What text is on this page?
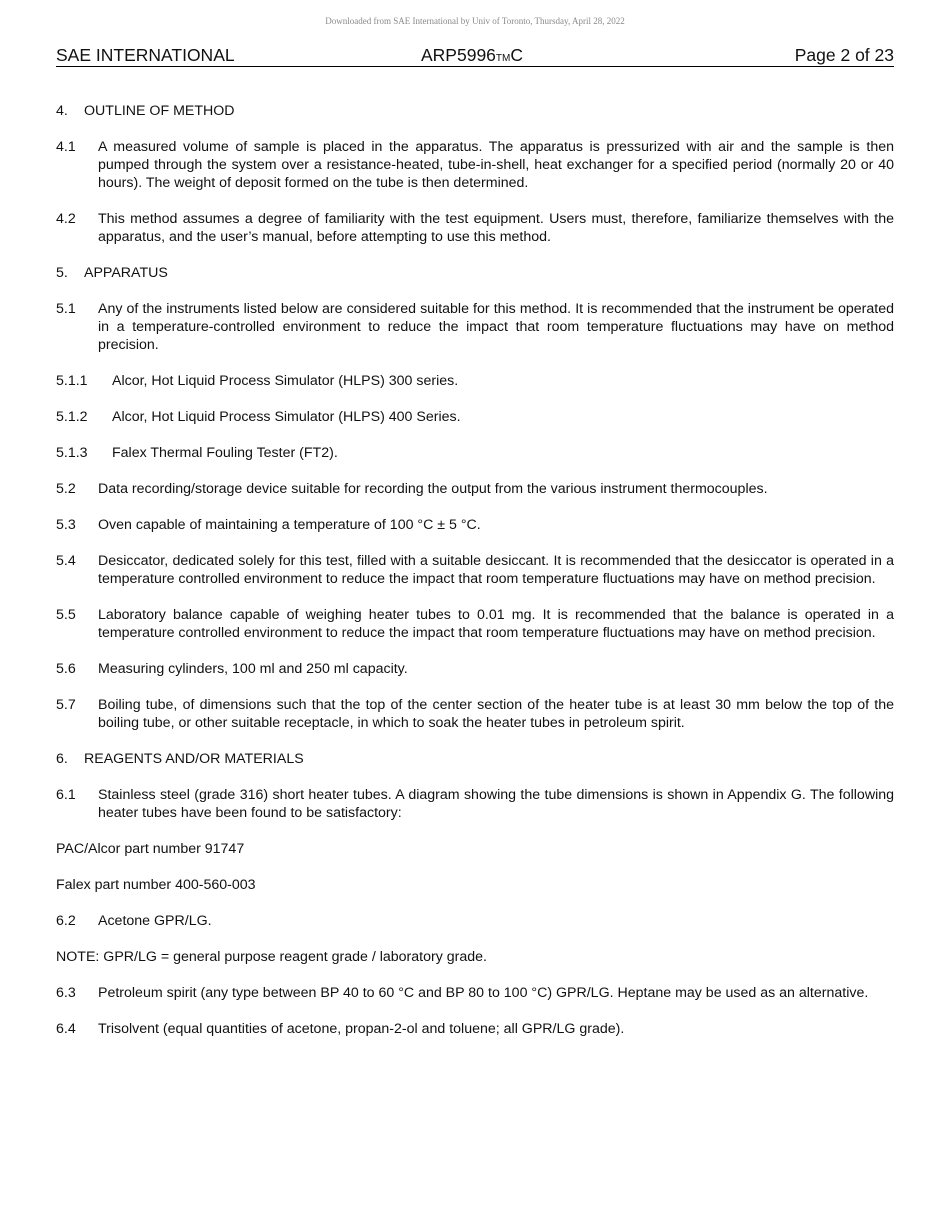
Downloaded from SAE International by Univ of Toronto, Thursday, April 28, 2022
SAE INTERNATIONAL	ARP5996TMC	Page 2 of 23
4.	OUTLINE OF METHOD
4.1	A measured volume of sample is placed in the apparatus. The apparatus is pressurized with air and the sample is then pumped through the system over a resistance-heated, tube-in-shell, heat exchanger for a specified period (normally 20 or 40 hours). The weight of deposit formed on the tube is then determined.
4.2	This method assumes a degree of familiarity with the test equipment. Users must, therefore, familiarize themselves with the apparatus, and the user’s manual, before attempting to use this method.
5.	APPARATUS
5.1	Any of the instruments listed below are considered suitable for this method. It is recommended that the instrument be operated in a temperature-controlled environment to reduce the impact that room temperature fluctuations may have on method precision.
5.1.1	Alcor, Hot Liquid Process Simulator (HLPS) 300 series.
5.1.2	Alcor, Hot Liquid Process Simulator (HLPS) 400 Series.
5.1.3	Falex Thermal Fouling Tester (FT2).
5.2	Data recording/storage device suitable for recording the output from the various instrument thermocouples.
5.3	Oven capable of maintaining a temperature of 100 °C ± 5 °C.
5.4	Desiccator, dedicated solely for this test, filled with a suitable desiccant. It is recommended that the desiccator is operated in a temperature controlled environment to reduce the impact that room temperature fluctuations may have on method precision.
5.5	Laboratory balance capable of weighing heater tubes to 0.01 mg. It is recommended that the balance is operated in a temperature controlled environment to reduce the impact that room temperature fluctuations may have on method precision.
5.6	Measuring cylinders, 100 ml and 250 ml capacity.
5.7	Boiling tube, of dimensions such that the top of the center section of the heater tube is at least 30 mm below the top of the boiling tube, or other suitable receptacle, in which to soak the heater tubes in petroleum spirit.
6.	REAGENTS AND/OR MATERIALS
6.1	Stainless steel (grade 316) short heater tubes. A diagram showing the tube dimensions is shown in Appendix G. The following heater tubes have been found to be satisfactory:
PAC/Alcor part number 91747
Falex part number 400-560-003
6.2	Acetone GPR/LG.
NOTE: GPR/LG = general purpose reagent grade / laboratory grade.
6.3	Petroleum spirit (any type between BP 40 to 60 °C and BP 80 to 100 °C) GPR/LG. Heptane may be used as an alternative.
6.4	Trisolvent (equal quantities of acetone, propan-2-ol and toluene; all GPR/LG grade).
